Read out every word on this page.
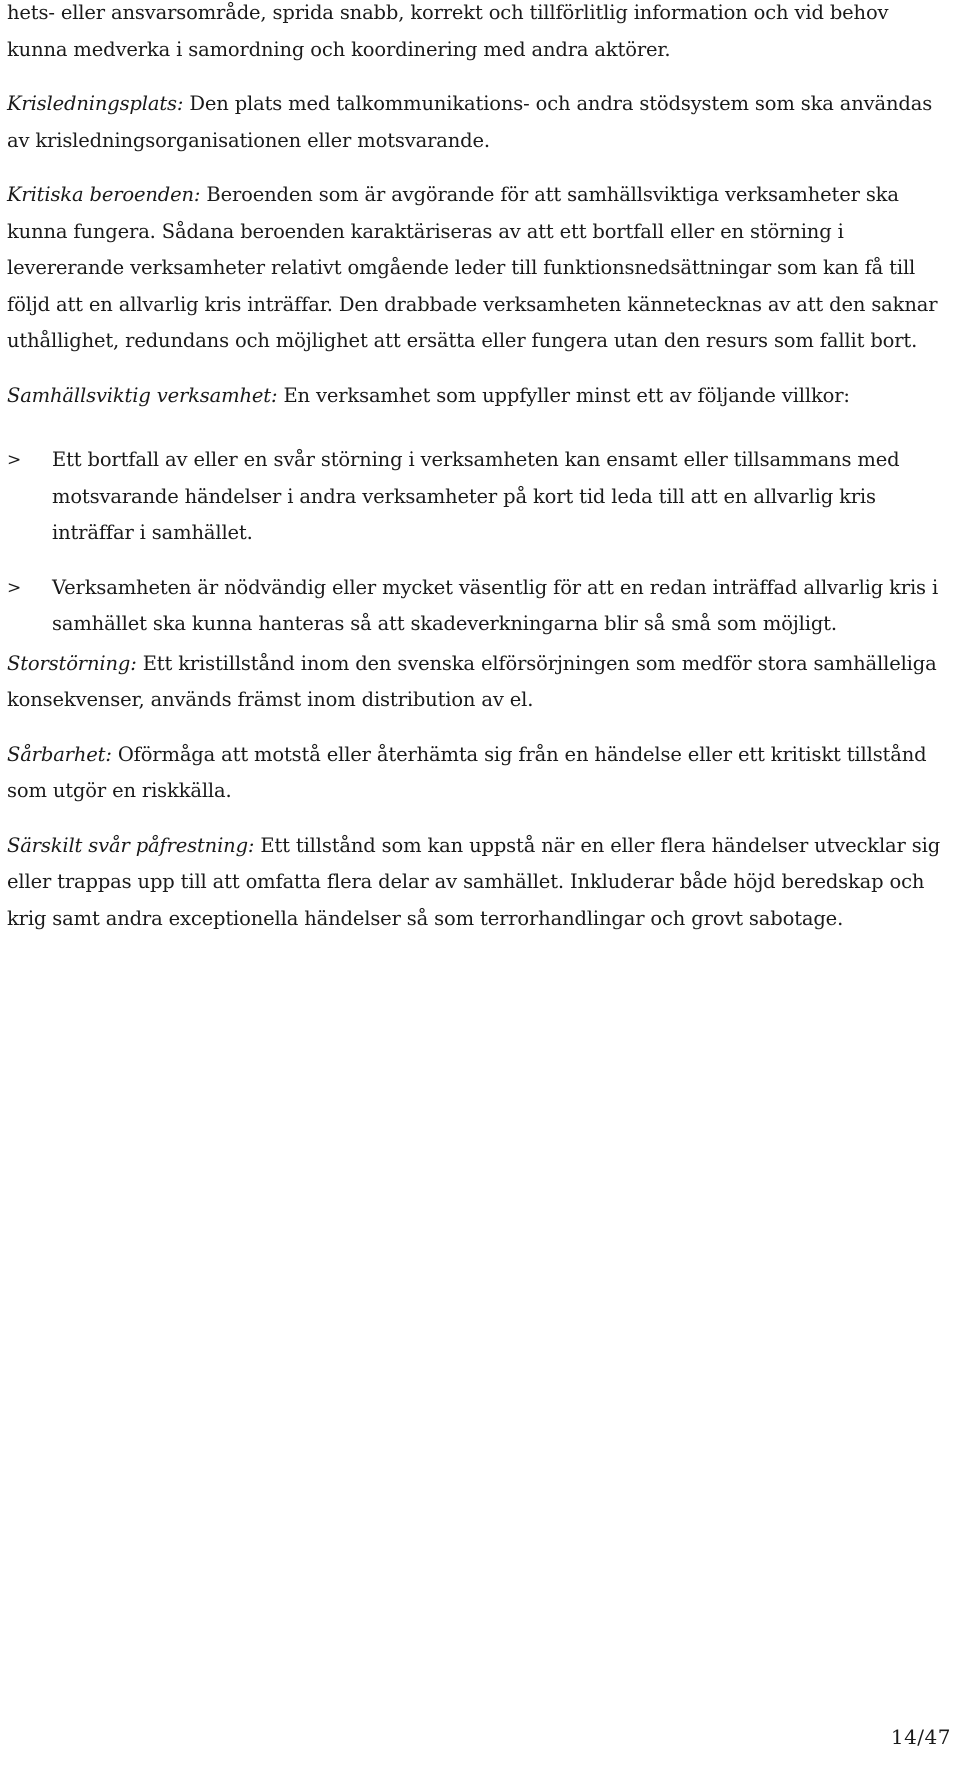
hets- eller ansvarsområde, sprida snabb, korrekt och tillförlitlig information och vid behov kunna medverka i samordning och koordinering med andra aktörer.

Krisledningsplats: Den plats med talkommunikations- och andra stödsystem som ska användas av krisledningsorganisationen eller motsvarande.

Kritiska beroenden: Beroenden som är avgörande för att samhällsviktiga verksamheter ska kunna fungera. Sådana beroenden karaktäriseras av att ett bortfall eller en störning i levererande verksamheter relativt omgående leder till funktionsnedsättningar som kan få till följd att en allvarlig kris inträffar. Den drabbade verksamheten kännetecknas av att den saknar uthållighet, redundans och möjlighet att ersätta eller fungera utan den resurs som fallit bort.

Samhällsviktig verksamhet: En verksamhet som uppfyller minst ett av följande villkor:

> Ett bortfall av eller en svår störning i verksamheten kan ensamt eller tillsammans med motsvarande händelser i andra verksamheter på kort tid leda till att en allvarlig kris inträffar i samhället.
> Verksamheten är nödvändig eller mycket väsentlig för att en redan inträffad allvarlig kris i samhället ska kunna hanteras så att skadeverkningarna blir så små som möjligt.

Storstörning: Ett kristillstånd inom den svenska elförsörjningen som medför stora samhälleliga konsekvenser, används främst inom distribution av el.

Sårbarhet: Oförmåga att motstå eller återhämta sig från en händelse eller ett kritiskt tillstånd som utgör en riskkälla.

Särskilt svår påfrestning: Ett tillstånd som kan uppstå när en eller flera händelser utvecklar sig eller trappas upp till att omfatta flera delar av samhället. Inkluderar både höjd beredskap och krig samt andra exceptionella händelser så som terrorhandlingar och grovt sabotage.

14/47
